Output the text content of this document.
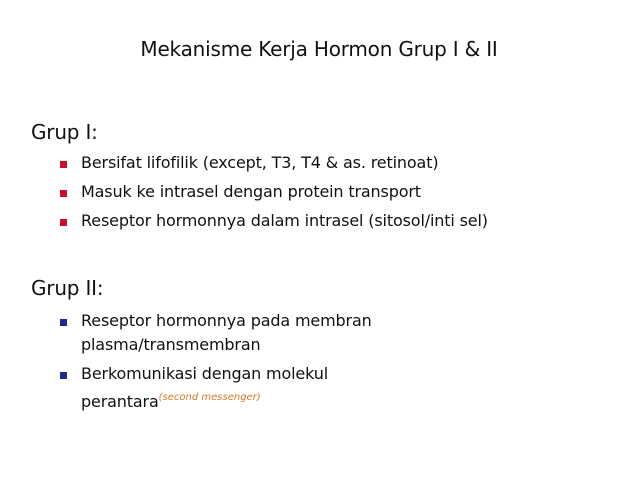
Mekanisme Kerja Hormon Grup I & II
Grup I:
Bersifat lifofilik (except, T3, T4 & as. retinoat)
Masuk ke intrasel dengan protein transport
Reseptor hormonnya dalam intrasel (sitosol/inti sel)
Grup II:
Reseptor hormonnya pada membran
plasma/transmembran
Berkomunikasi dengan molekul
perantara$^{(second messenger)}$
